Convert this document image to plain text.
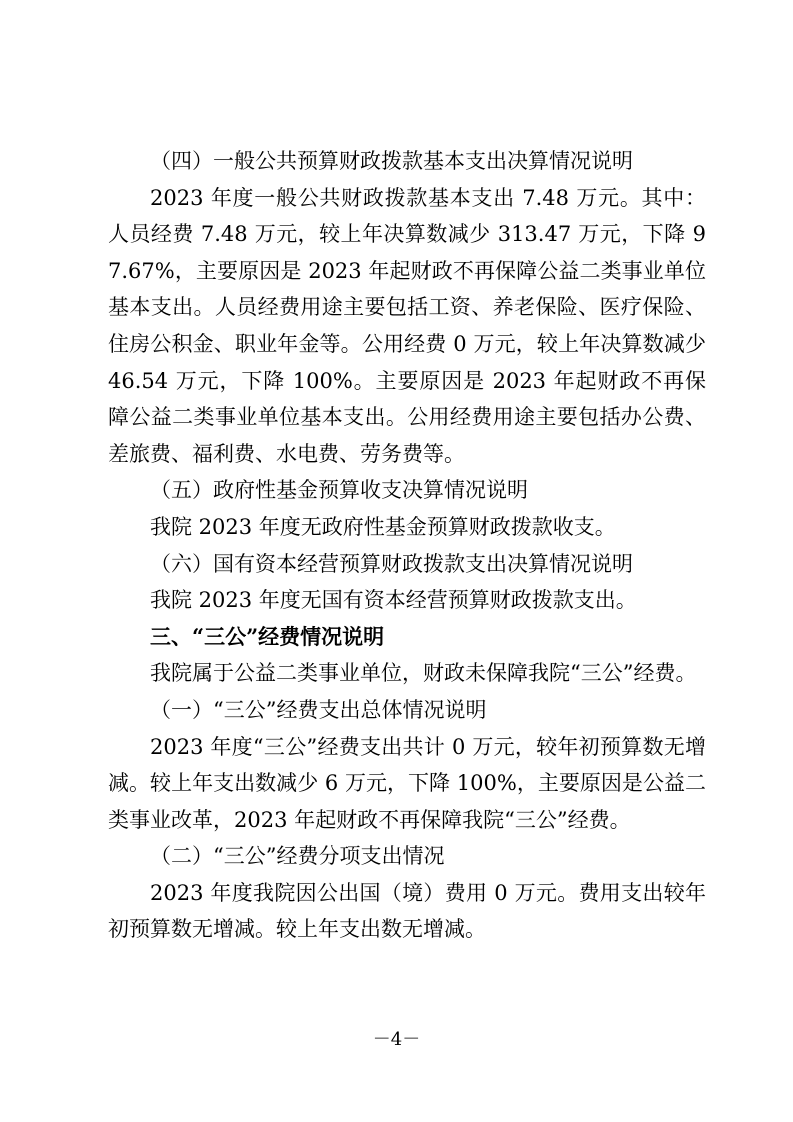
（四）一般公共预算财政拨款基本支出决算情况说明

2023 年度一般公共财政拨款基本支出 7.48 万元。其中：人员经费 7.48 万元，较上年决算数减少 313.47 万元，下降 97.67%，主要原因是 2023 年起财政不再保障公益二类事业单位基本支出。人员经费用途主要包括工资、养老保险、医疗保险、住房公积金、职业年金等。公用经费 0 万元，较上年决算数减少 46.54 万元，下降 100%。主要原因是 2023 年起财政不再保障公益二类事业单位基本支出。公用经费用途主要包括办公费、差旅费、福利费、水电费、劳务费等。

（五）政府性基金预算收支决算情况说明

我院 2023 年度无政府性基金预算财政拨款收支。

（六）国有资本经营预算财政拨款支出决算情况说明

我院 2023 年度无国有资本经营预算财政拨款支出。

三、“三公”经费情况说明

我院属于公益二类事业单位，财政未保障我院“三公”经费。

（一）“三公”经费支出总体情况说明

2023 年度“三公”经费支出共计 0 万元，较年初预算数无增减。较上年支出数减少 6 万元，下降 100%，主要原因是公益二类事业改革，2023 年起财政不再保障我院“三公”经费。

（二）“三公”经费分项支出情况

2023 年度我院因公出国（境）费用 0 万元。费用支出较年初预算数无增减。较上年支出数无增减。

－4－
